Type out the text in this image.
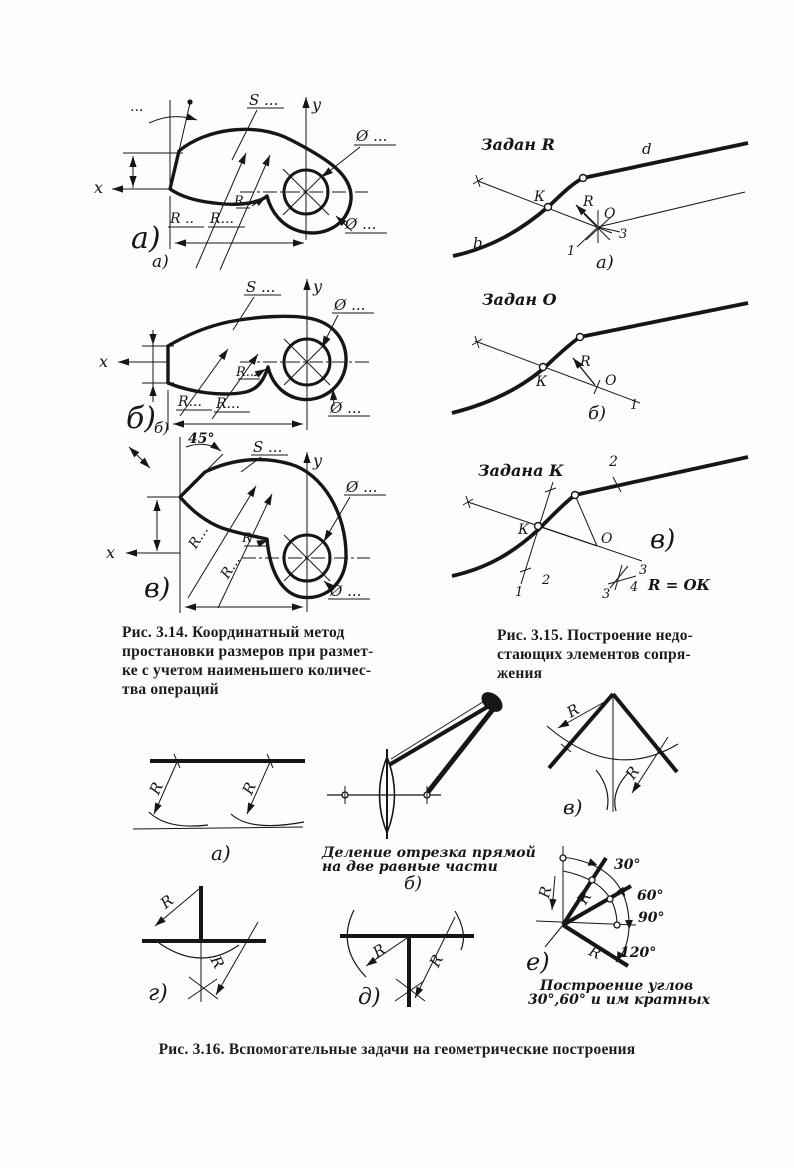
у
х
S ...
Ø ...
Ø ...
...
R .. R...
R...
а)
а)
у
х
S ...
Ø ...
Ø ...
R... R...
R...
б)
б)
у
х
45°	S ...
Ø ...
Ø ...
R...
R...
R ..
в)
Задан R	d
b
К	R
О
3
1
а)
Задан О
К
R
О
1
б)
Задана К	2
К
О
1
2
3
4
3
в)
R = ОК
R	R
а)	Деление отрезка прямой
на две равные части
б)
R
R
в)
R
R
г)
R R
д)
R R
R
30°
60°
90°
120°
е)
Построение углов
30°,60° и им кратных
Рис. 3.14. Координатный метод
простановки размеров при размет-
ке с учетом наименьшего количес-
тва операций
Рис. 3.15. Построение недо-
стающих элементов сопря-
жения
Рис. 3.16. Вспомогательные задачи на геометрические построения
